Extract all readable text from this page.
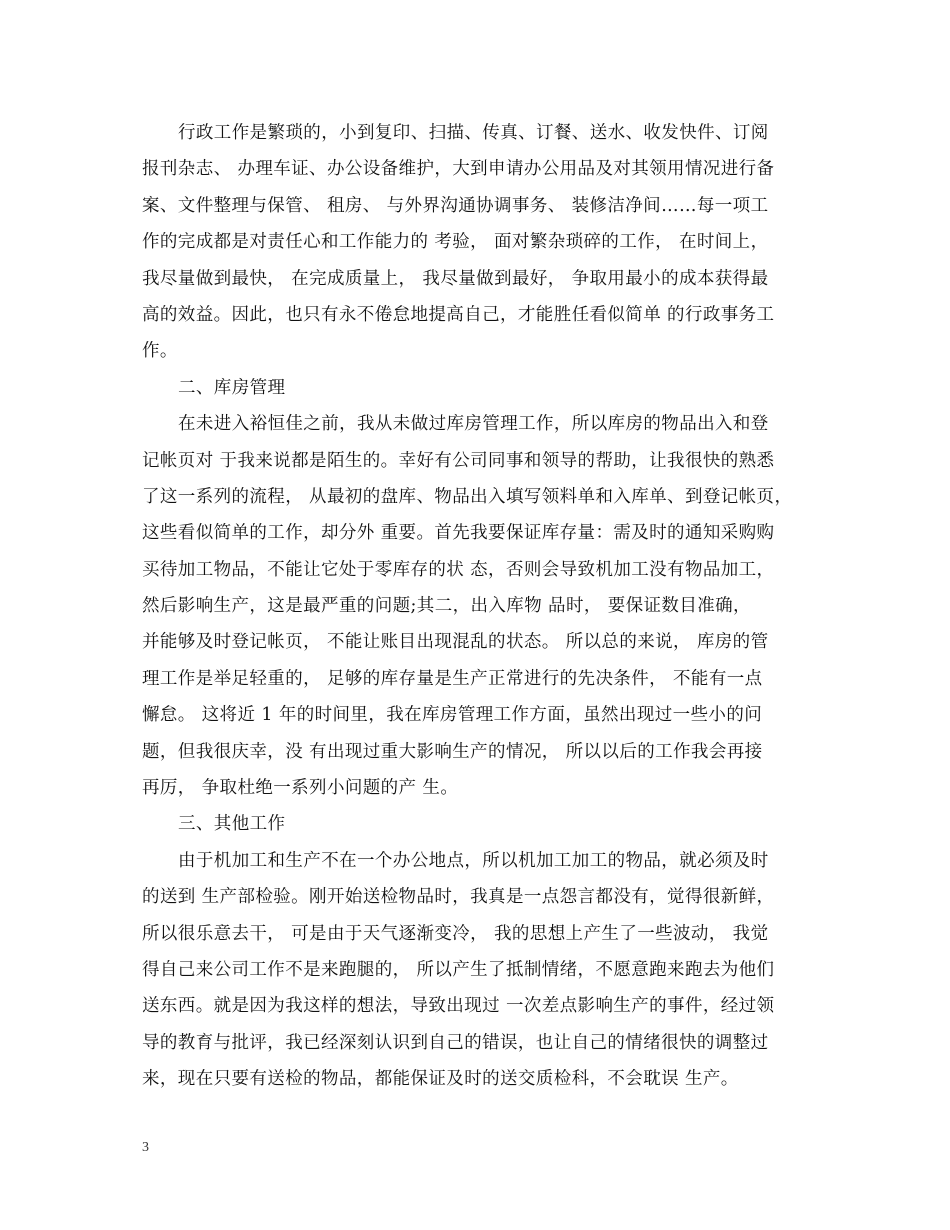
行政工作是繁琐的，小到复印、扫描、传真、订餐、送水、收发快件、订阅
报刊杂志、 办理车证、办公设备维护，大到申请办公用品及对其领用情况进行备
案、文件整理与保管、 租房、 与外界沟通协调事务、 装修洁净间……每一项工
作的完成都是对责任心和工作能力的 考验， 面对繁杂琐碎的工作， 在时间上，
我尽量做到最快， 在完成质量上， 我尽量做到最好， 争取用最小的成本获得最
高的效益。因此，也只有永不倦怠地提高自己，才能胜任看似简单 的行政事务工
作。
二、库房管理
在未进入裕恒佳之前，我从未做过库房管理工作，所以库房的物品出入和登
记帐页对 于我来说都是陌生的。幸好有公司同事和领导的帮助，让我很快的熟悉
了这一系列的流程， 从最初的盘库、物品出入填写领料单和入库单、到登记帐页，
这些看似简单的工作，却分外 重要。首先我要保证库存量：需及时的通知采购购
买待加工物品，不能让它处于零库存的状 态，否则会导致机加工没有物品加工，
然后影响生产，这是最严重的问题;其二，出入库物 品时， 要保证数目准确，
并能够及时登记帐页， 不能让账目出现混乱的状态。 所以总的来说， 库房的管
理工作是举足轻重的， 足够的库存量是生产正常进行的先决条件， 不能有一点
懈怠。 这将近 1 年的时间里，我在库房管理工作方面，虽然出现过一些小的问
题，但我很庆幸，没 有出现过重大影响生产的情况， 所以以后的工作我会再接
再厉， 争取杜绝一系列小问题的产 生。
三、其他工作
由于机加工和生产不在一个办公地点，所以机加工加工的物品，就必须及时
的送到 生产部检验。刚开始送检物品时，我真是一点怨言都没有，觉得很新鲜，
所以很乐意去干， 可是由于天气逐渐变冷， 我的思想上产生了一些波动， 我觉
得自己来公司工作不是来跑腿的， 所以产生了抵制情绪，不愿意跑来跑去为他们
送东西。就是因为我这样的想法，导致出现过 一次差点影响生产的事件，经过领
导的教育与批评，我已经深刻认识到自己的错误，也让自己的情绪很快的调整过
来，现在只要有送检的物品，都能保证及时的送交质检科，不会耽误 生产。
3
